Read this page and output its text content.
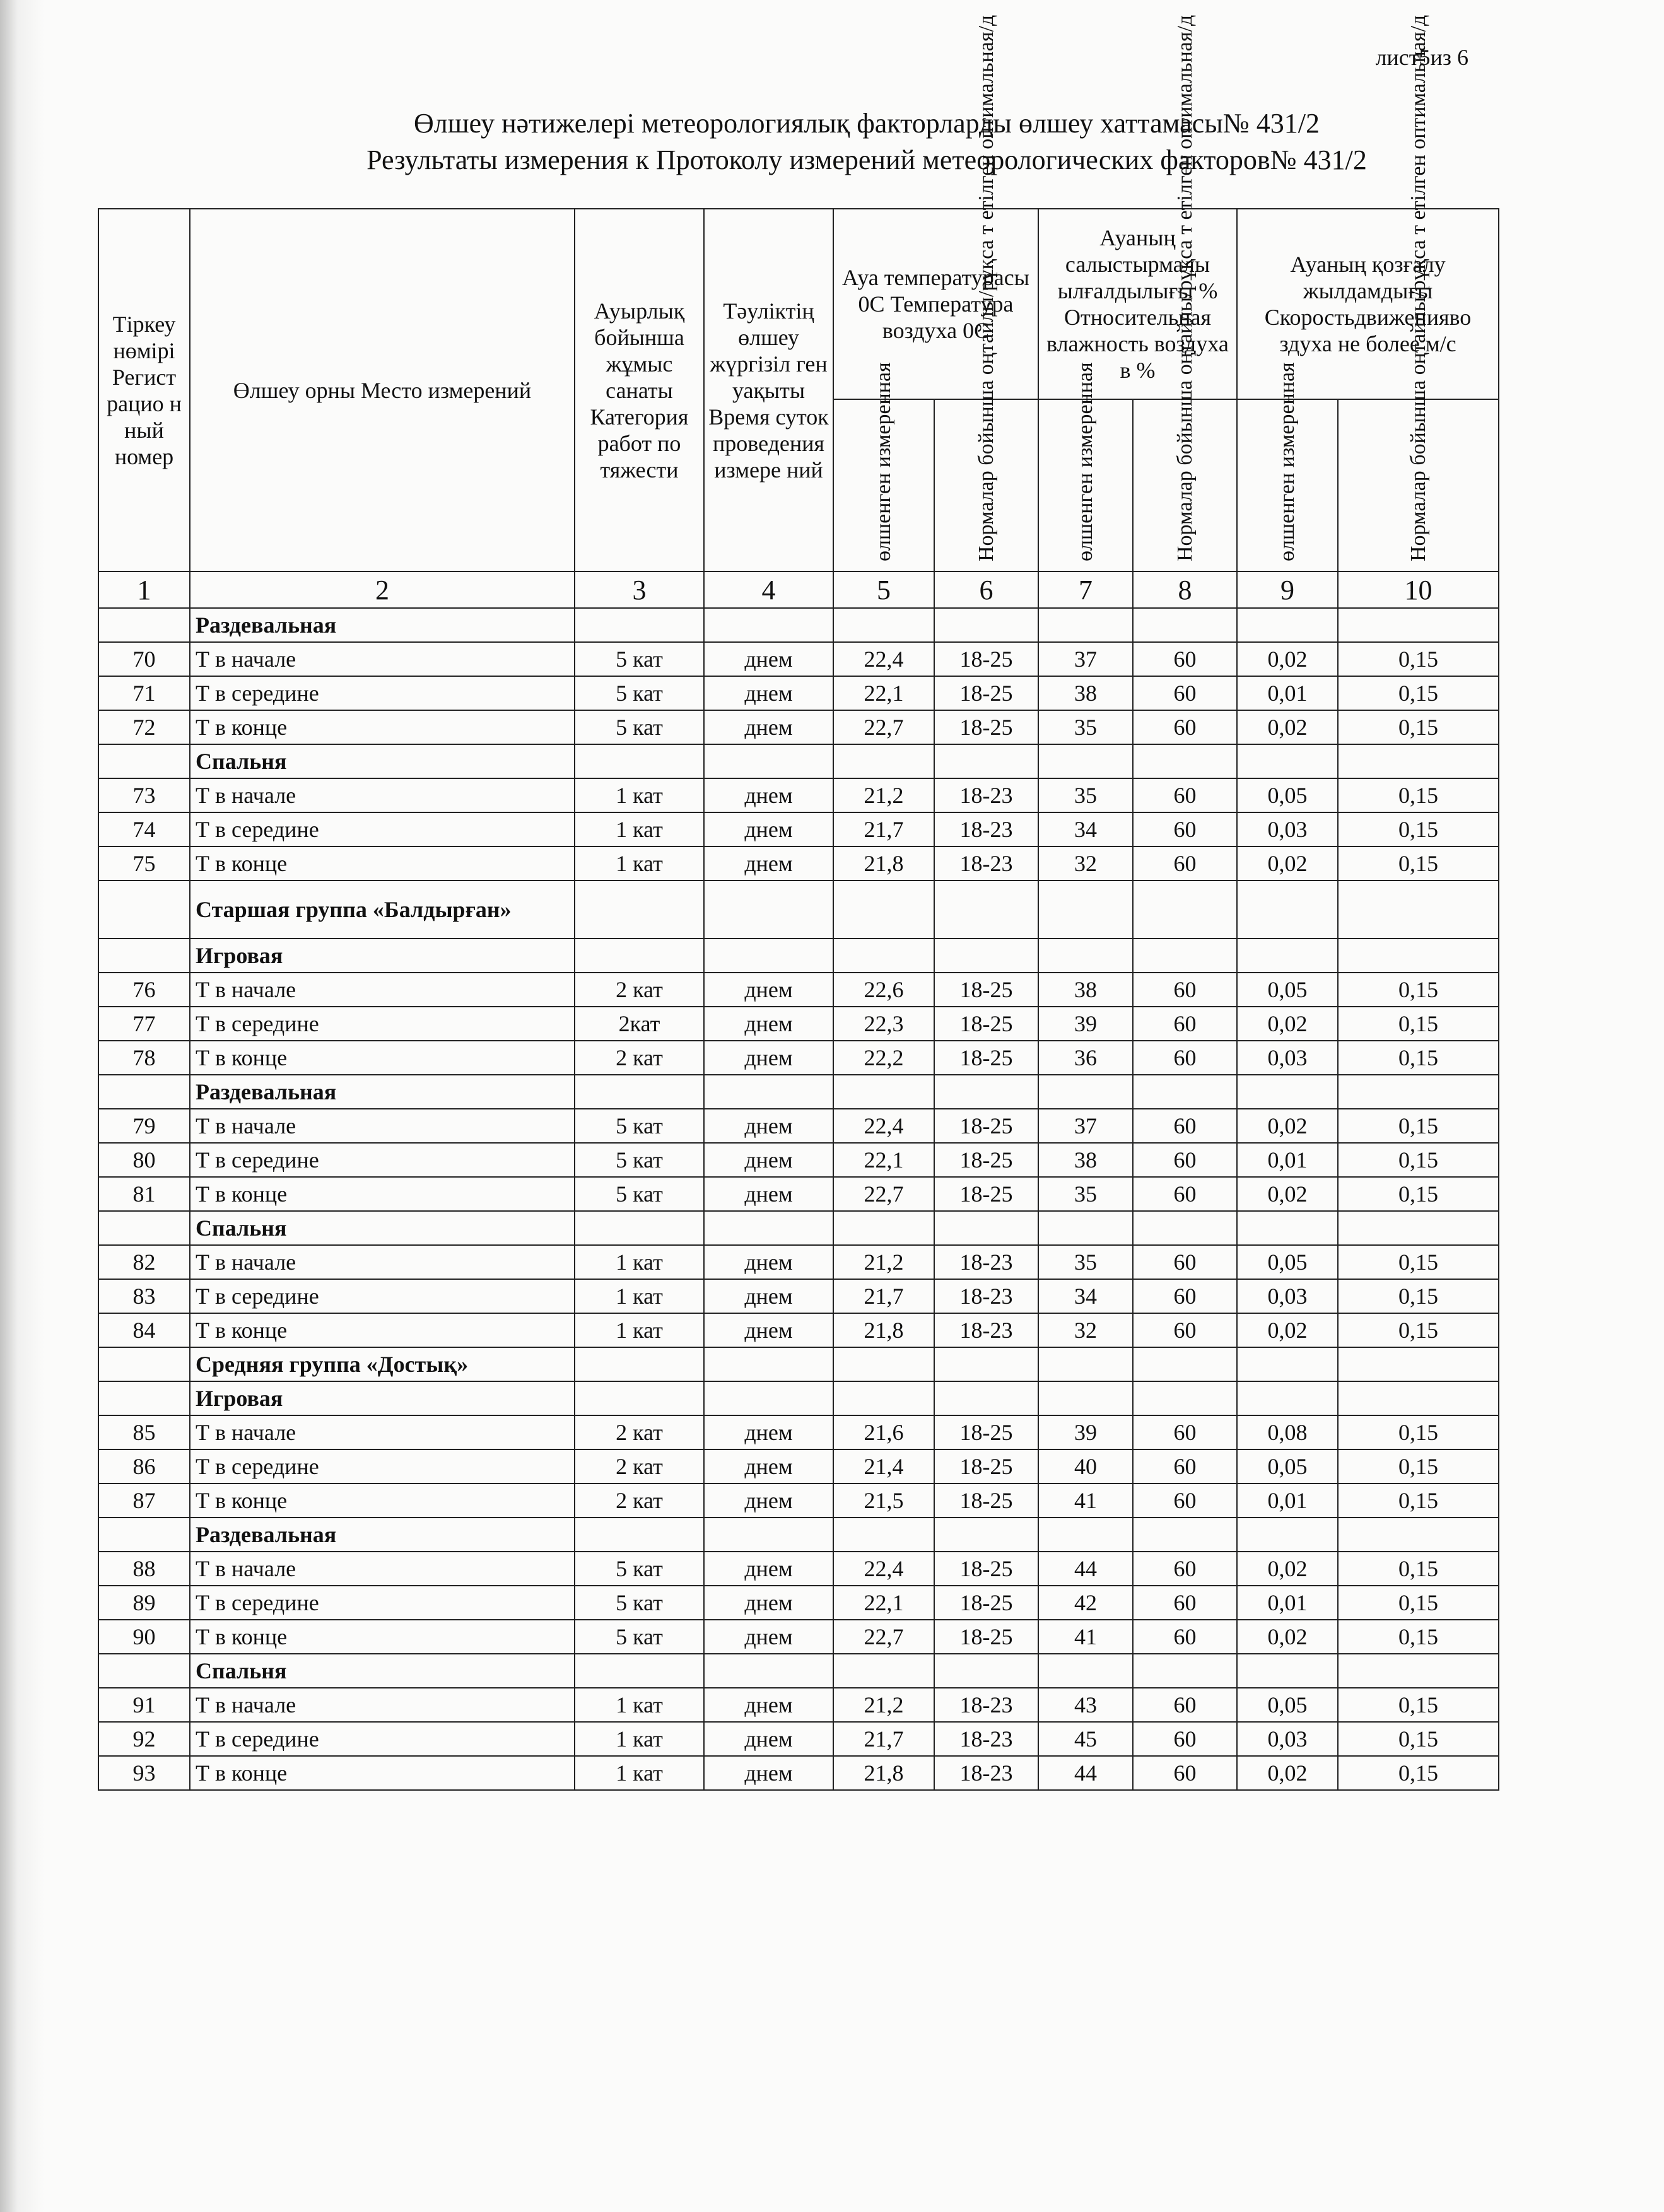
лист5из 6
Өлшеу нәтижелері метеорологиялық факторларды өлшеу хаттамасы№ 431/2
Результаты измерения к Протоколу измерений метеорологических факторов№ 431/2
Тіркеу нөмірі Регист рацио н ный номер	Өлшеу орны Место измерений	Ауырлық бойынша жұмыс санаты Категория работ по тяжести	Тәуліктің өлшеу жүргізіл ген уақыты Время суток проведения измере ний	Ауа температурасы 0С Температура воздуха 0С		Ауаның салыстырмалы ылғалдылығы % Относительная влажность воздуха в %		Ауаның қозғалу жылдамдығы Скоростьдвиженияво здуха не более м/с	
				өлшенген измеренная	Нормалар бойынша оңтайлы/рұқса т етілген оптимальная/д	өлшенген измеренная	Нормалар бойынша оңтайлы/рұқса т етілген оптимальная/д	өлшенген измеренная	Нормалар бойынша оңтайлы/рұқса т етілген оптимальная/д
1	2	3	4	5	6	7	8	9	10
	Раздевальная								
70	Т в начале	5 кат	днем	22,4	18-25	37	60	0,02	0,15
71	Т в середине	5 кат	днем	22,1	18-25	38	60	0,01	0,15
72	Т в конце	5 кат	днем	22,7	18-25	35	60	0,02	0,15
	Спальня								
73	Т в начале	1 кат	днем	21,2	18-23	35	60	0,05	0,15
74	Т в середине	1 кат	днем	21,7	18-23	34	60	0,03	0,15
75	Т в конце	1 кат	днем	21,8	18-23	32	60	0,02	0,15
	Старшая группа «Балдырған»								
	Игровая								
76	Т в начале	2 кат	днем	22,6	18-25	38	60	0,05	0,15
77	Т в середине	2кат	днем	22,3	18-25	39	60	0,02	0,15
78	Т в конце	2 кат	днем	22,2	18-25	36	60	0,03	0,15
	Раздевальная								
79	Т в начале	5 кат	днем	22,4	18-25	37	60	0,02	0,15
80	Т в середине	5 кат	днем	22,1	18-25	38	60	0,01	0,15
81	Т в конце	5 кат	днем	22,7	18-25	35	60	0,02	0,15
	Спальня								
82	Т в начале	1 кат	днем	21,2	18-23	35	60	0,05	0,15
83	Т в середине	1 кат	днем	21,7	18-23	34	60	0,03	0,15
84	Т в конце	1 кат	днем	21,8	18-23	32	60	0,02	0,15
	Средняя группа «Достық»								
	Игровая								
85	Т в начале	2 кат	днем	21,6	18-25	39	60	0,08	0,15
86	Т в середине	2 кат	днем	21,4	18-25	40	60	0,05	0,15
87	Т в конце	2 кат	днем	21,5	18-25	41	60	0,01	0,15
	Раздевальная								
88	Т в начале	5 кат	днем	22,4	18-25	44	60	0,02	0,15
89	Т в середине	5 кат	днем	22,1	18-25	42	60	0,01	0,15
90	Т в конце	5 кат	днем	22,7	18-25	41	60	0,02	0,15
	Спальня								
91	Т в начале	1 кат	днем	21,2	18-23	43	60	0,05	0,15
92	Т в середине	1 кат	днем	21,7	18-23	45	60	0,03	0,15
93	Т в конце	1 кат	днем	21,8	18-23	44	60	0,02	0,15
